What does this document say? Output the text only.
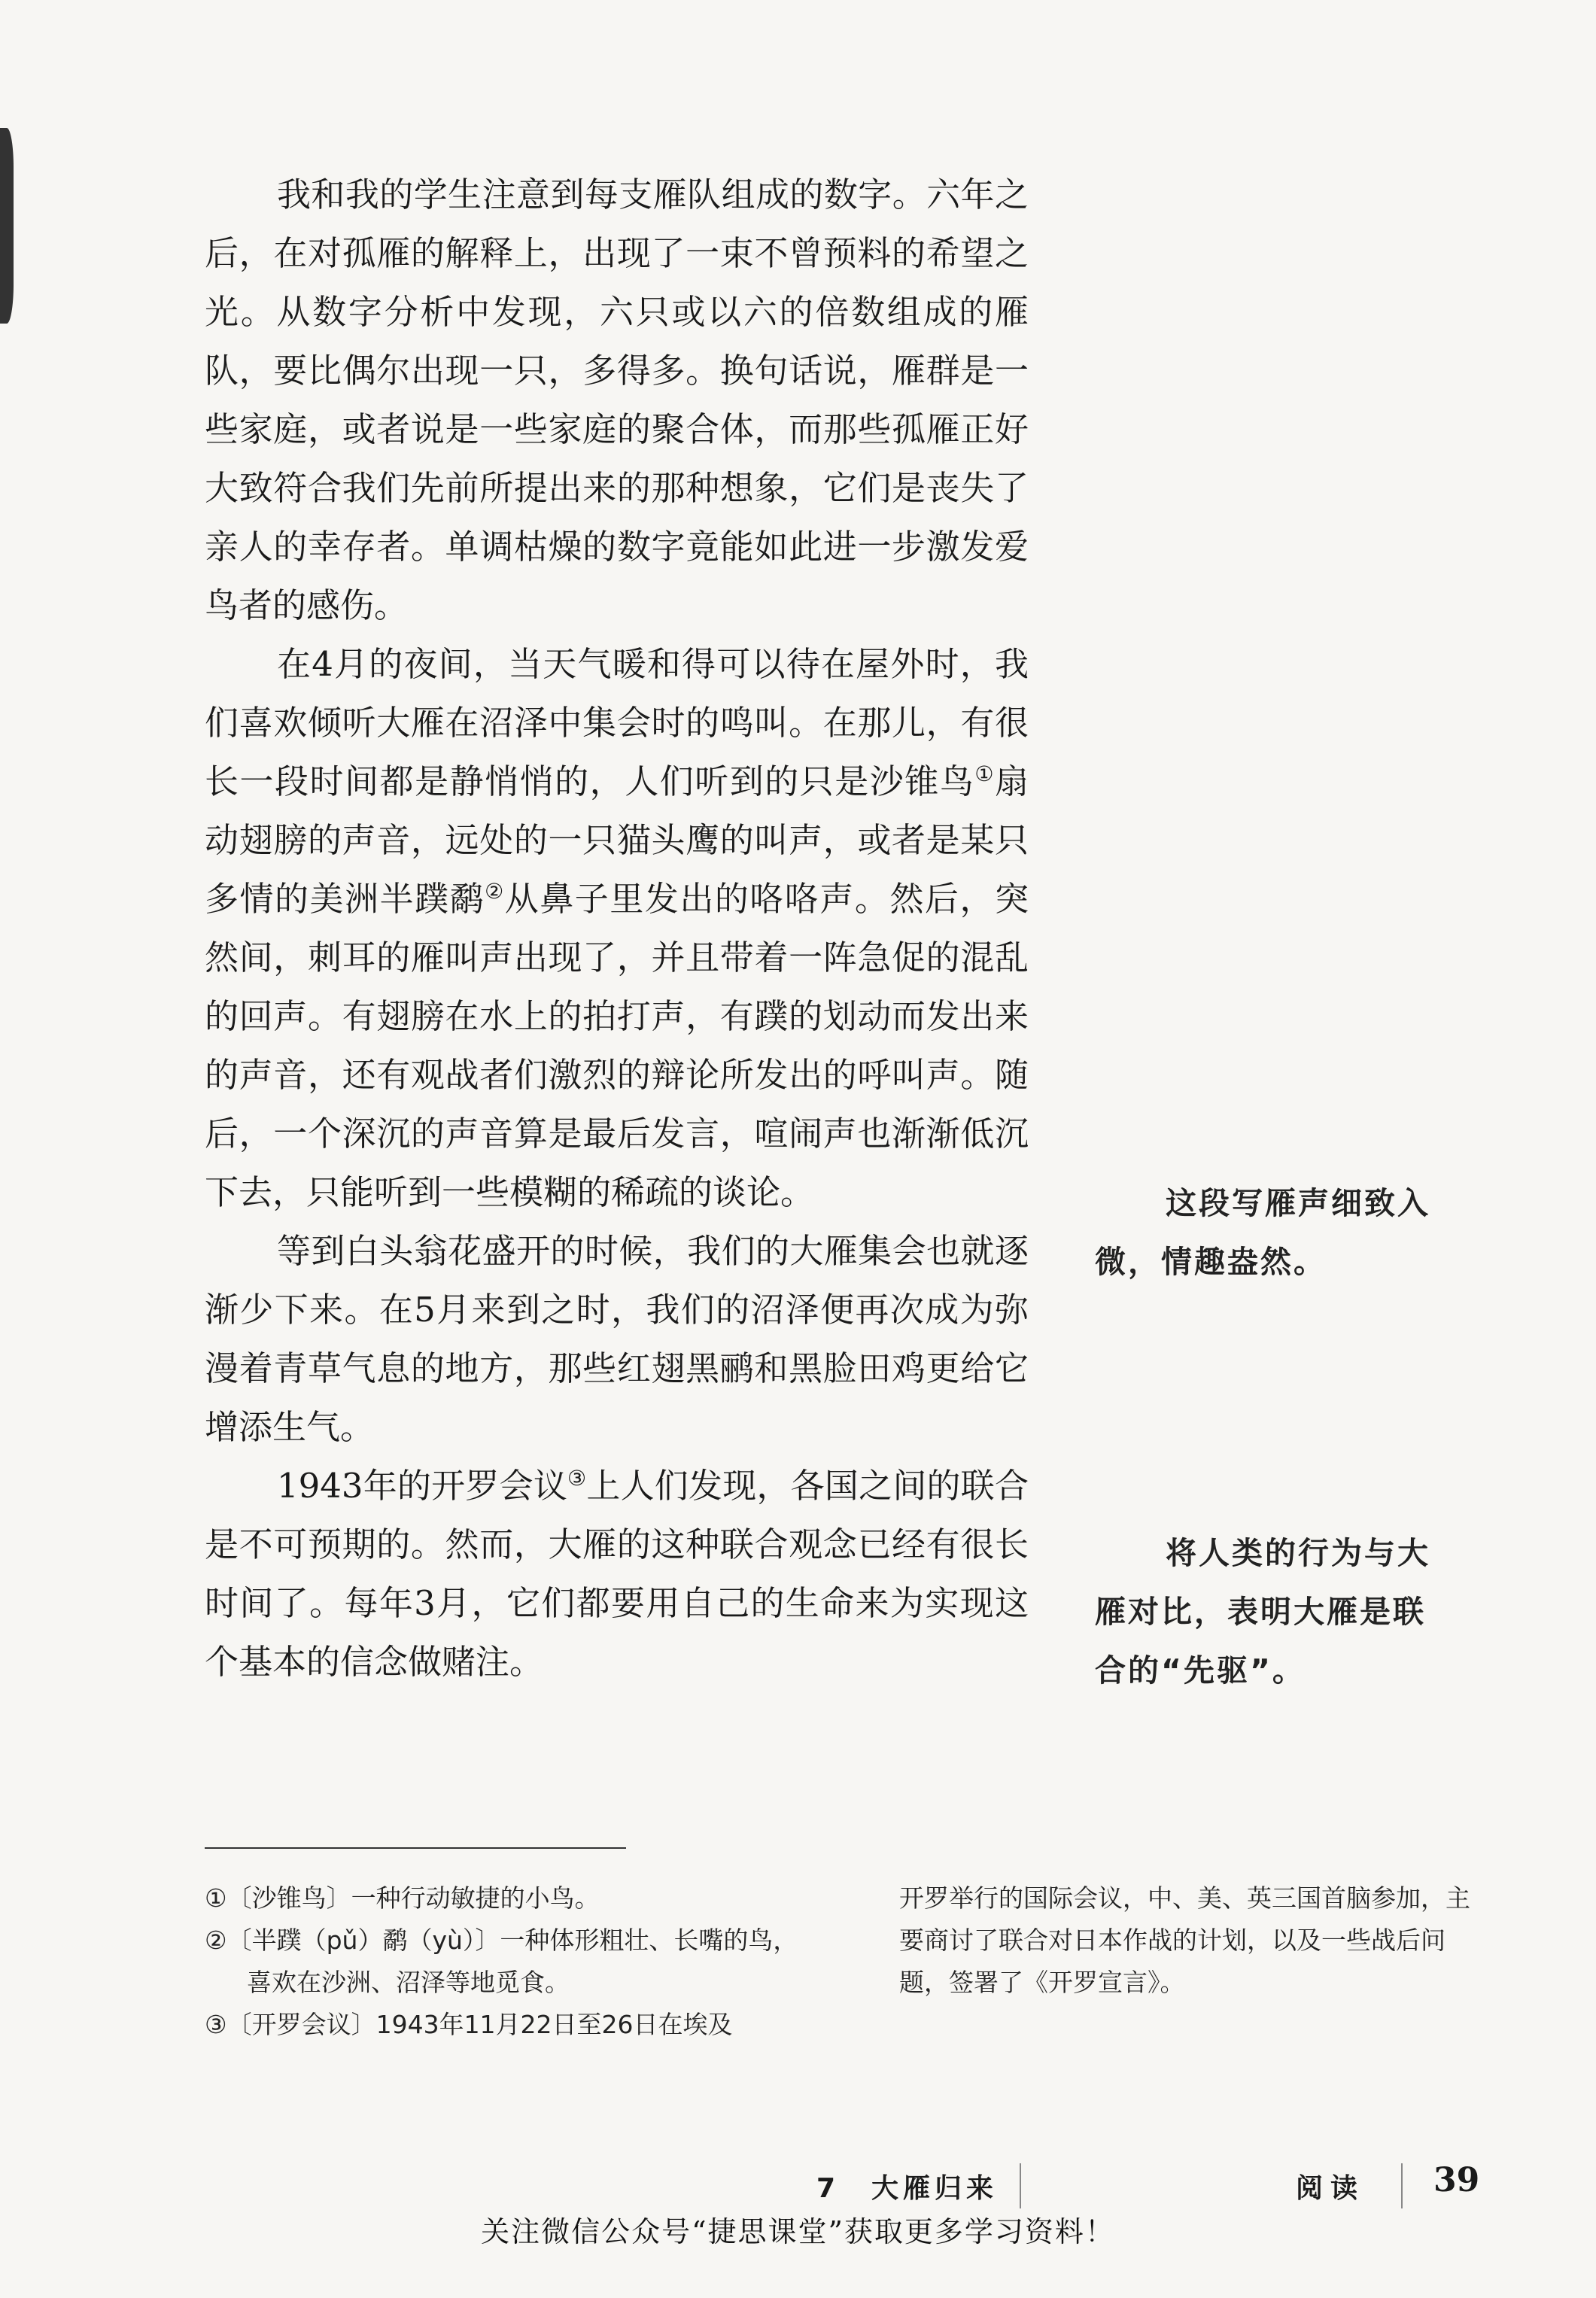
我和我的学生注意到每支雁队组成的数字。六年之后，在对孤雁的解释上，出现了一束不曾预料的希望之光。从数字分析中发现，六只或以六的倍数组成的雁队，要比偶尔出现一只，多得多。换句话说，雁群是一些家庭，或者说是一些家庭的聚合体，而那些孤雁正好大致符合我们先前所提出来的那种想象，它们是丧失了亲人的幸存者。单调枯燥的数字竟能如此进一步激发爱鸟者的感伤。

在4月的夜间，当天气暖和得可以待在屋外时，我们喜欢倾听大雁在沼泽中集会时的鸣叫。在那儿，有很长一段时间都是静悄悄的，人们听到的只是沙锥鸟①扇动翅膀的声音，远处的一只猫头鹰的叫声，或者是某只多情的美洲半蹼鹬②从鼻子里发出的咯咯声。然后，突然间，刺耳的雁叫声出现了，并且带着一阵急促的混乱的回声。有翅膀在水上的拍打声，有蹼的划动而发出来的声音，还有观战者们激烈的辩论所发出的呼叫声。随后，一个深沉的声音算是最后发言，喧闹声也渐渐低沉下去，只能听到一些模糊的稀疏的谈论。

等到白头翁花盛开的时候，我们的大雁集会也就逐渐少下来。在5月来到之时，我们的沼泽便再次成为弥漫着青草气息的地方，那些红翅黑鹂和黑脸田鸡更给它增添生气。

1943年的开罗会议③上人们发现，各国之间的联合是不可预期的。然而，大雁的这种联合观念已经有很长时间了。每年3月，它们都要用自己的生命来为实现这个基本的信念做赌注。

这段写雁声细致入
微，情趣盎然。
将人类的行为与大
雁对比，表明大雁是联
合的“先驱”。
①〔沙锥鸟〕一种行动敏捷的小鸟。
②〔半蹼（pǔ）鹬（yù）〕一种体形粗壮、长嘴的鸟，喜欢在沙洲、沼泽等地觅食。
③〔开罗会议〕1943年11月22日至26日在埃及
开罗举行的国际会议，中、美、英三国首脑参加，主要商讨了联合对日本作战的计划，以及一些战后问题，签署了《开罗宣言》。
7　大雁归来	阅读 39
关注微信公众号“捷思课堂”获取更多学习资料！
